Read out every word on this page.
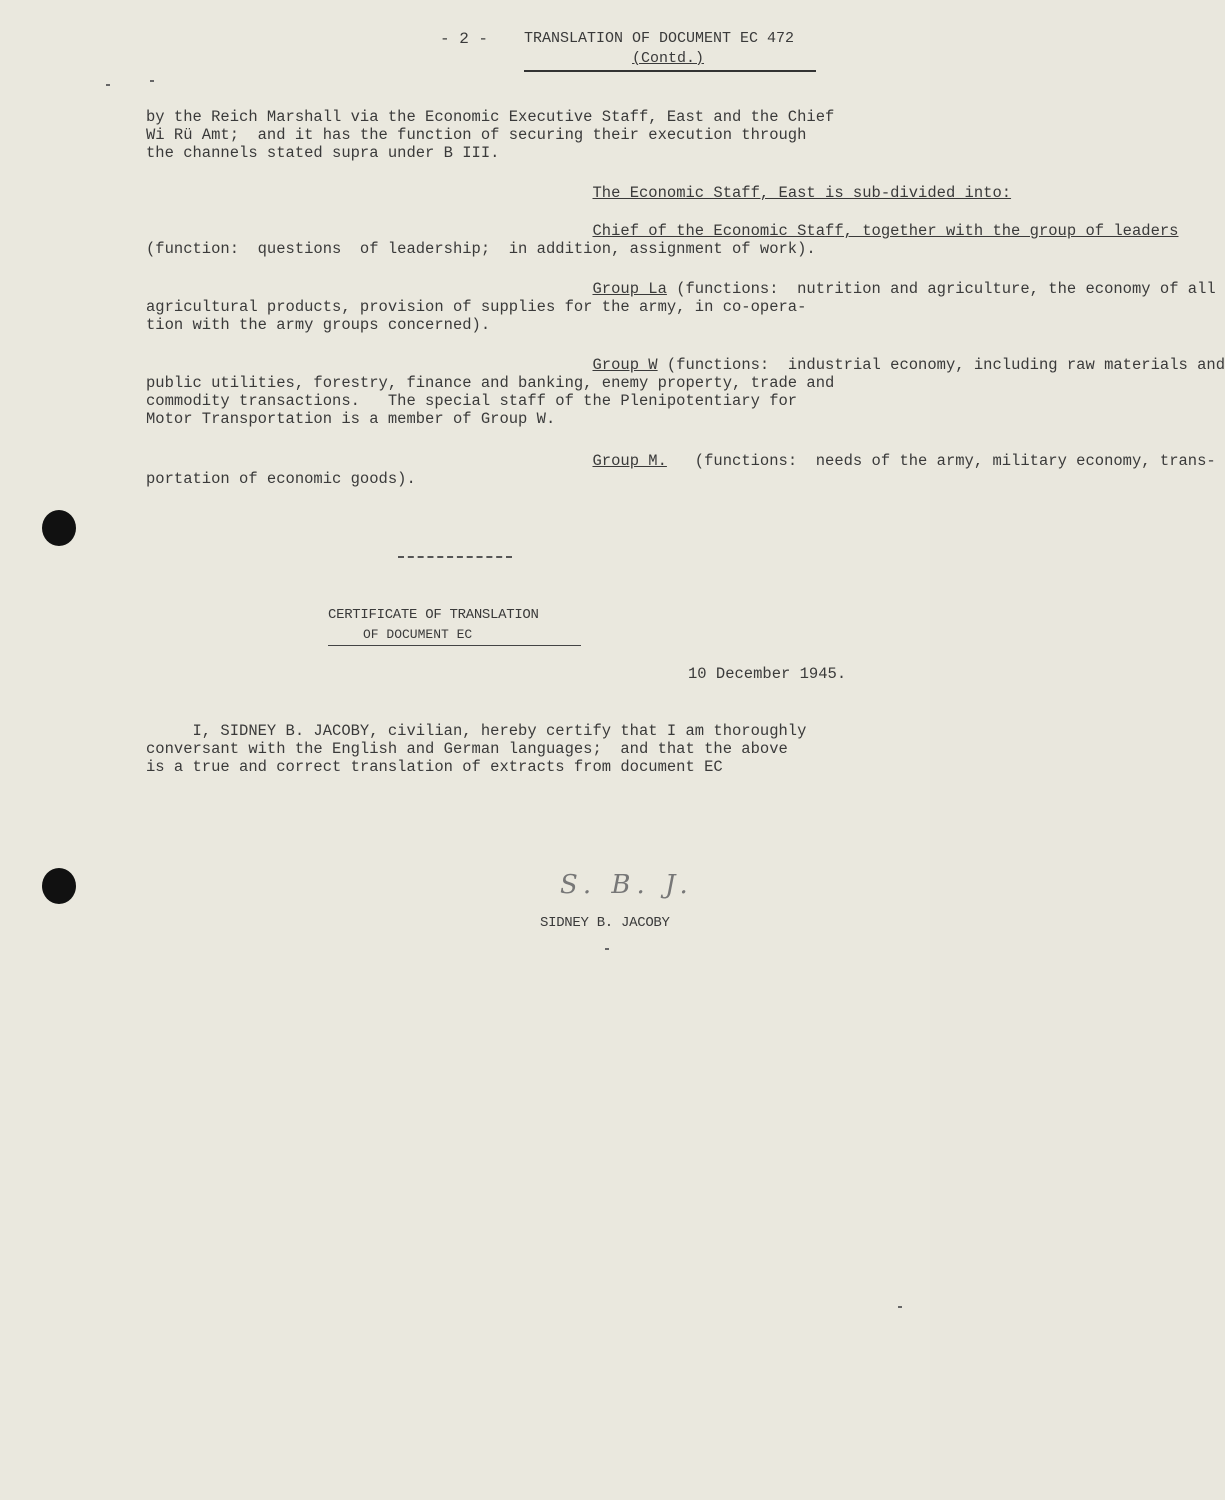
- 2 - TRANSLATION OF DOCUMENT EC 472
(Contd.)

by the Reich Marshall via the Economic Executive Staff, East and the Chief

Wi Rü Amt;  and it has the function of securing their execution through

the channels stated supra under B III.

The Economic Staff, East is sub-divided into:

Chief of the Economic Staff, together with the group of leaders

(function:  questions  of leadership;  in addition, assignment of work).

Group La (functions:  nutrition and agriculture, the economy of all

agricultural products, provision of supplies for the army, in co-opera-

tion with the army groups concerned).

Group W (functions:  industrial economy, including raw materials and

public utilities, forestry, finance and banking, enemy property, trade and

commodity transactions.   The special staff of the Plenipotentiary for

Motor Transportation is a member of Group W.

Group M.   (functions:  needs of the army, military economy, trans-

portation of economic goods).

CERTIFICATE OF TRANSLATION
OF DOCUMENT EC
10 December 1945.

I, SIDNEY B. JACOBY, civilian, hereby certify that I am thoroughly

conversant with the English and German languages;  and that the above

is a true and correct translation of extracts from document EC

S. B. J.
SIDNEY B. JACOBY
